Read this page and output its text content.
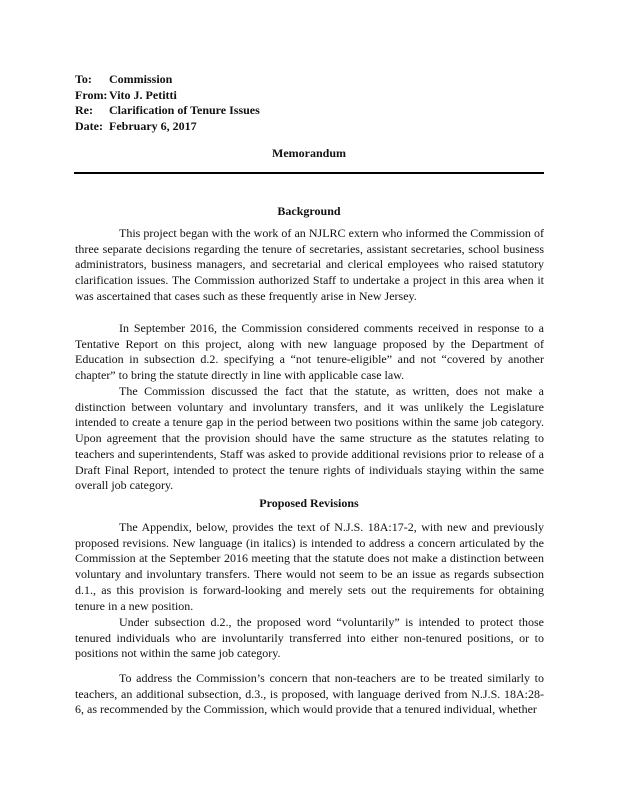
To:	Commission
From: Vito J. Petitti
Re:	Clarification of Tenure Issues
Date: February 6, 2017
Memorandum
Background

This project began with the work of an NJLRC extern who informed the Commission of three separate decisions regarding the tenure of secretaries, assistant secretaries, school business administrators, business managers, and secretarial and clerical employees who raised statutory clarification issues. The Commission authorized Staff to undertake a project in this area when it was ascertained that cases such as these frequently arise in New Jersey.

In September 2016, the Commission considered comments received in response to a Tentative Report on this project, along with new language proposed by the Department of Education in subsection d.2. specifying a “not tenure-eligible” and not “covered by another chapter” to bring the statute directly in line with applicable case law.

The Commission discussed the fact that the statute, as written, does not make a distinction between voluntary and involuntary transfers, and it was unlikely the Legislature intended to create a tenure gap in the period between two positions within the same job category. Upon agreement that the provision should have the same structure as the statutes relating to teachers and superintendents, Staff was asked to provide additional revisions prior to release of a Draft Final Report, intended to protect the tenure rights of individuals staying within the same overall job category.

Proposed Revisions

The Appendix, below, provides the text of N.J.S. 18A:17-2, with new and previously proposed revisions. New language (in italics) is intended to address a concern articulated by the Commission at the September 2016 meeting that the statute does not make a distinction between voluntary and involuntary transfers. There would not seem to be an issue as regards subsection d.1., as this provision is forward-looking and merely sets out the requirements for obtaining tenure in a new position.

Under subsection d.2., the proposed word “voluntarily” is intended to protect those tenured individuals who are involuntarily transferred into either non-tenured positions, or to positions not within the same job category.

To address the Commission’s concern that non-teachers are to be treated similarly to teachers, an additional subsection, d.3., is proposed, with language derived from N.J.S. 18A:28-6, as recommended by the Commission, which would provide that a tenured individual, whether
